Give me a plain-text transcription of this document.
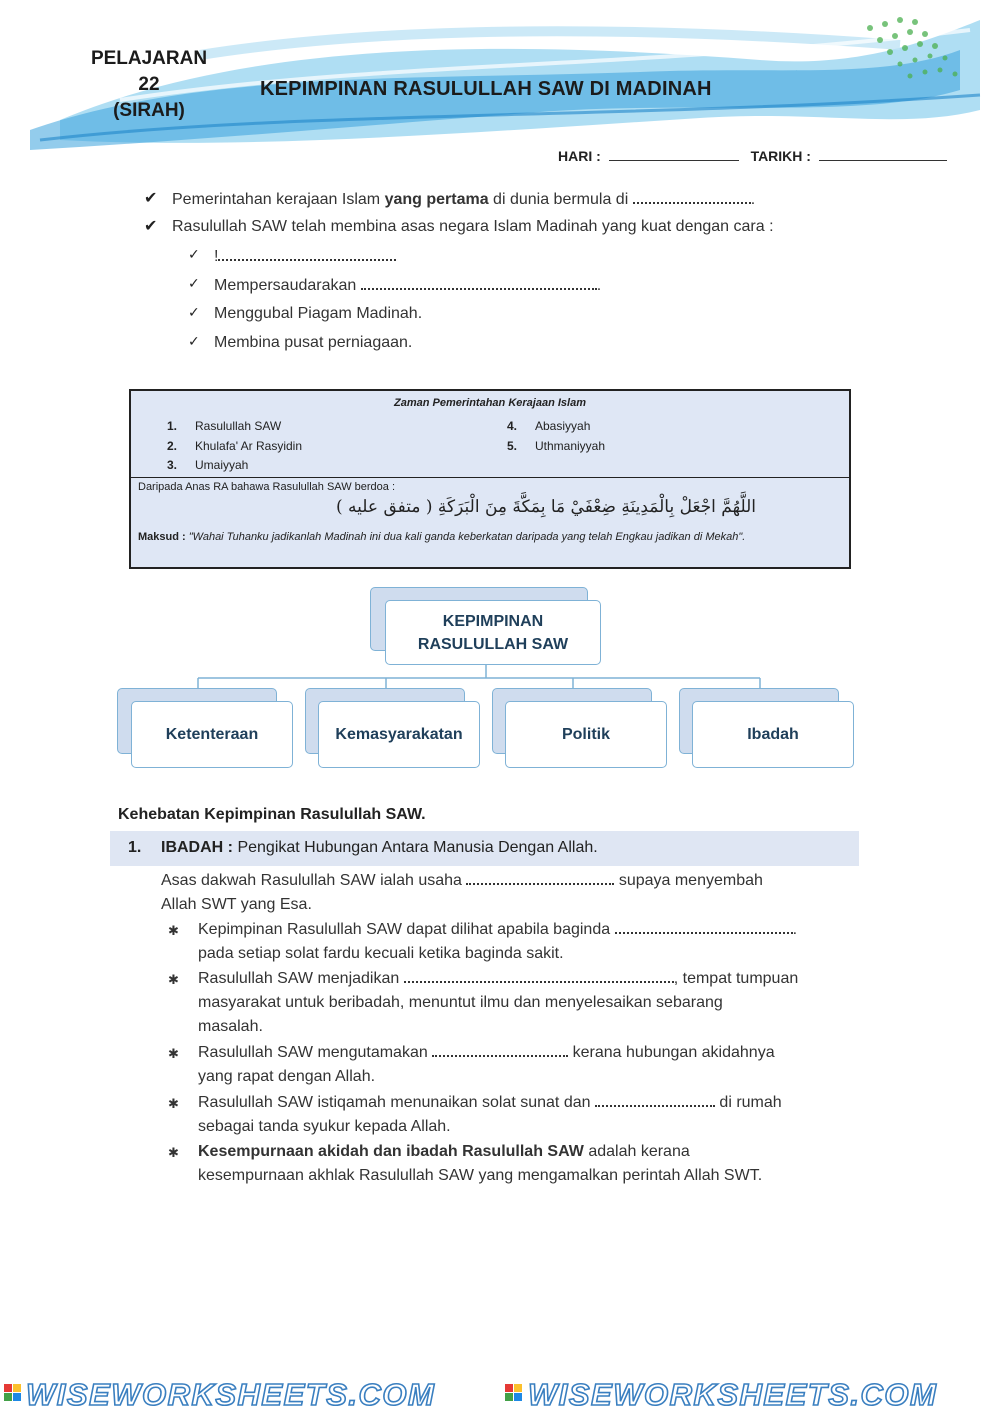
PELAJARAN
22
(SIRAH)
KEPIMPINAN RASULULLAH SAW DI MADINAH
HARI :	TARIKH :
✔ Pemerintahan kerajaan Islam yang pertama di dunia bermula di	.
✔ Rasulullah SAW telah membina asas negara Islam Madinah yang kuat dengan cara :
✓ !
✓ Mempersaudarakan	.
✓ Menggubal Piagam Madinah.
✓ Membina pusat perniagaan.
Zaman Pemerintahan Kerajaan Islam
1. Rasulullah SAW
2. Khulafa' Ar Rasyidin
3. Umaiyyah
4. Abasiyyah
5. Uthmaniyyah
Daripada Anas RA bahawa Rasulullah SAW berdoa :
اللَّهُمَّ اجْعَلْ بِالْمَدِينَةِ ضِعْفَيْ مَا بِمَكَّةَ مِنَ الْبَرَكَةِ ( متفق عليه )
Maksud : "Wahai Tuhanku jadikanlah Madinah ini dua kali ganda keberkatan daripada yang telah Engkau jadikan di Mekah".
KEPIMPINAN
RASULULLAH SAW
Ketenteraan	Kemasyarakatan	Politik	Ibadah
Kehebatan Kepimpinan Rasulullah SAW.
1. IBADAH : Pengikat Hubungan Antara Manusia Dengan Allah.
Asas dakwah Rasulullah SAW ialah usaha	supaya menyembah
Allah SWT yang Esa.
✱ Kepimpinan Rasulullah SAW dapat dilihat apabila baginda	.
pada setiap solat fardu kecuali ketika baginda sakit.
✱ Rasulullah SAW menjadikan	, tempat tumpuan
masyarakat untuk beribadah, menuntut ilmu dan menyelesaikan sebarang
masalah.
✱ Rasulullah SAW mengutamakan	kerana hubungan akidahnya
yang rapat dengan Allah.
✱ Rasulullah SAW istiqamah menunaikan solat sunat dan	di rumah
sebagai tanda syukur kepada Allah.
✱ Kesempurnaan akidah dan ibadah Rasulullah SAW adalah kerana
kesempurnaan akhlak Rasulullah SAW yang mengamalkan perintah Allah SWT.
WISEWORKSHEETS.COM	WISEWORKSHEETS.COM
